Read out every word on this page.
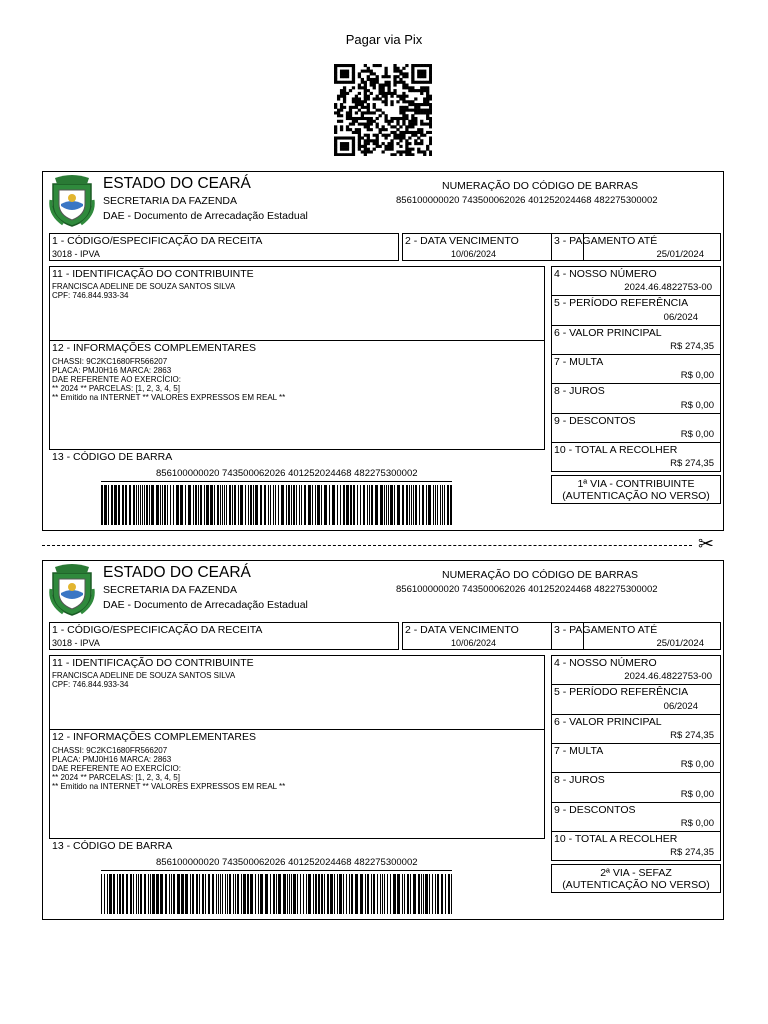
Pagar via Pix
ESTADO DO CEARÁ
SECRETARIA DA FAZENDA
DAE - Documento de Arrecadação Estadual
NUMERAÇÃO DO CÓDIGO DE BARRAS
856100000020 743500062026 401252024468 482275300002
1 - CÓDIGO/ESPECIFICAÇÃO DA RECEITA
3018 - IPVA
2 - DATA VENCIMENTO
10/06/2024
3 - PAGAMENTO ATÉ
25/01/2024
11 - IDENTIFICAÇÃO DO CONTRIBUINTE
FRANCISCA ADELINE DE SOUZA SANTOS SILVA
CPF: 746.844.933-34
12 - INFORMAÇÕES COMPLEMENTARES
CHASSI: 9C2KC1680FR566207
PLACA: PMJ0H16 MARCA: 2863
DAE REFERENTE AO EXERCÍCIO:
** 2024 ** PARCELAS: [1, 2, 3, 4, 5]
** Emitido na INTERNET ** VALORES EXPRESSOS EM REAL **
4 - NOSSO NÚMERO
2024.46.4822753-00
5 - PERÍODO REFERÊNCIA
06/2024
6 - VALOR PRINCIPAL
R$ 274,35
7 - MULTA
R$ 0,00
8 - JUROS
R$ 0,00
9 - DESCONTOS
R$ 0,00
10 - TOTAL A RECOLHER
R$ 274,35
13 - CÓDIGO DE BARRA
856100000020 743500062026 401252024468 482275300002
1ª VIA - CONTRIBUINTE
(AUTENTICAÇÃO NO VERSO)
✂
ESTADO DO CEARÁ
SECRETARIA DA FAZENDA
DAE - Documento de Arrecadação Estadual
NUMERAÇÃO DO CÓDIGO DE BARRAS
856100000020 743500062026 401252024468 482275300002
1 - CÓDIGO/ESPECIFICAÇÃO DA RECEITA
3018 - IPVA
2 - DATA VENCIMENTO
10/06/2024
3 - PAGAMENTO ATÉ
25/01/2024
11 - IDENTIFICAÇÃO DO CONTRIBUINTE
FRANCISCA ADELINE DE SOUZA SANTOS SILVA
CPF: 746.844.933-34
12 - INFORMAÇÕES COMPLEMENTARES
CHASSI: 9C2KC1680FR566207
PLACA: PMJ0H16 MARCA: 2863
DAE REFERENTE AO EXERCÍCIO:
** 2024 ** PARCELAS: [1, 2, 3, 4, 5]
** Emitido na INTERNET ** VALORES EXPRESSOS EM REAL **
4 - NOSSO NÚMERO
2024.46.4822753-00
5 - PERÍODO REFERÊNCIA
06/2024
6 - VALOR PRINCIPAL
R$ 274,35
7 - MULTA
R$ 0,00
8 - JUROS
R$ 0,00
9 - DESCONTOS
R$ 0,00
10 - TOTAL A RECOLHER
R$ 274,35
13 - CÓDIGO DE BARRA
856100000020 743500062026 401252024468 482275300002
2ª VIA - SEFAZ
(AUTENTICAÇÃO NO VERSO)
